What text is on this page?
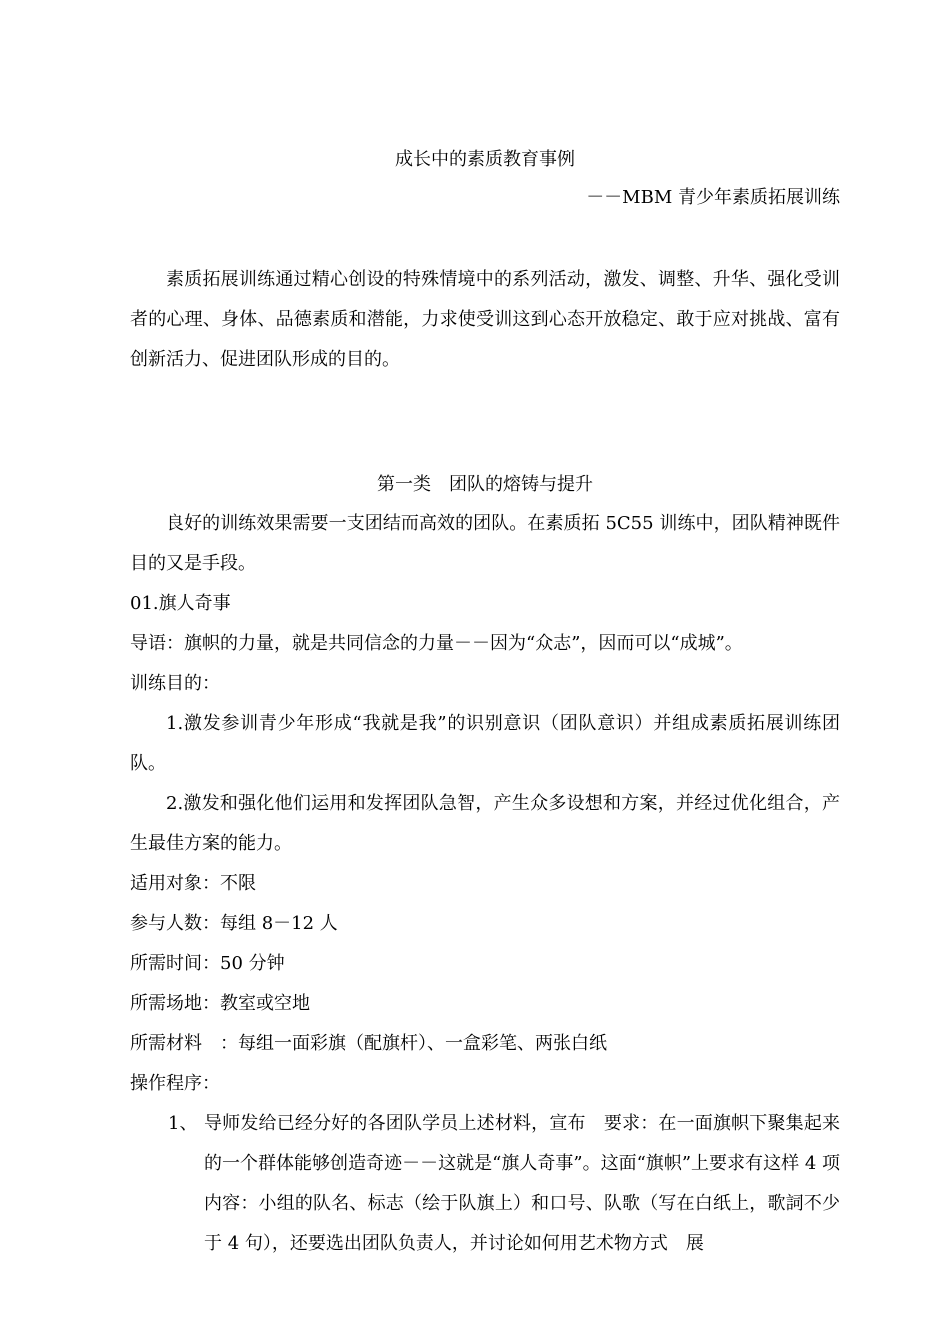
成长中的素质教育事例
－－MBM 青少年素质拓展训练

素质拓展训练通过精心创设的特殊情境中的系列活动，激发、调整、升华、强化受训者的心理、身体、品德素质和潜能，力求使受训这到心态开放稳定、敢于应对挑战、富有创新活力、促进团队形成的目的。

第一类　团队的熔铸与提升

良好的训练效果需要一支团结而高效的团队。在素质拓 5C55 训练中，团队精神既件目的又是手段。

01.旗人奇事

导语：旗帜的力量，就是共同信念的力量－－因为“众志”，因而可以“成城”。

训练目的：

1.激发参训青少年形成“我就是我”的识别意识（团队意识）并组成素质拓展训练团队。

2.激发和强化他们运用和发挥团队急智，产生众多设想和方案，并经过优化组合，产生最佳方案的能力。

适用对象：不限

参与人数：每组 8－12 人

所需时间：50 分钟

所需场地：教室或空地

所需材料　：每组一面彩旗（配旗杆）、一盒彩笔、两张白纸

操作程序：

1、 导师发给已经分好的各团队学员上述材料，宣布　要求：在一面旗帜下聚集起来的一个群体能够创造奇迹－－这就是“旗人奇事”。这面“旗帜”上要求有这样 4 项内容：小组的队名、标志（绘于队旗上）和口号、队歌（写在白纸上，歌詞不少于 4 句），还要选出团队负责人，并讨论如何用艺术物方式　展
